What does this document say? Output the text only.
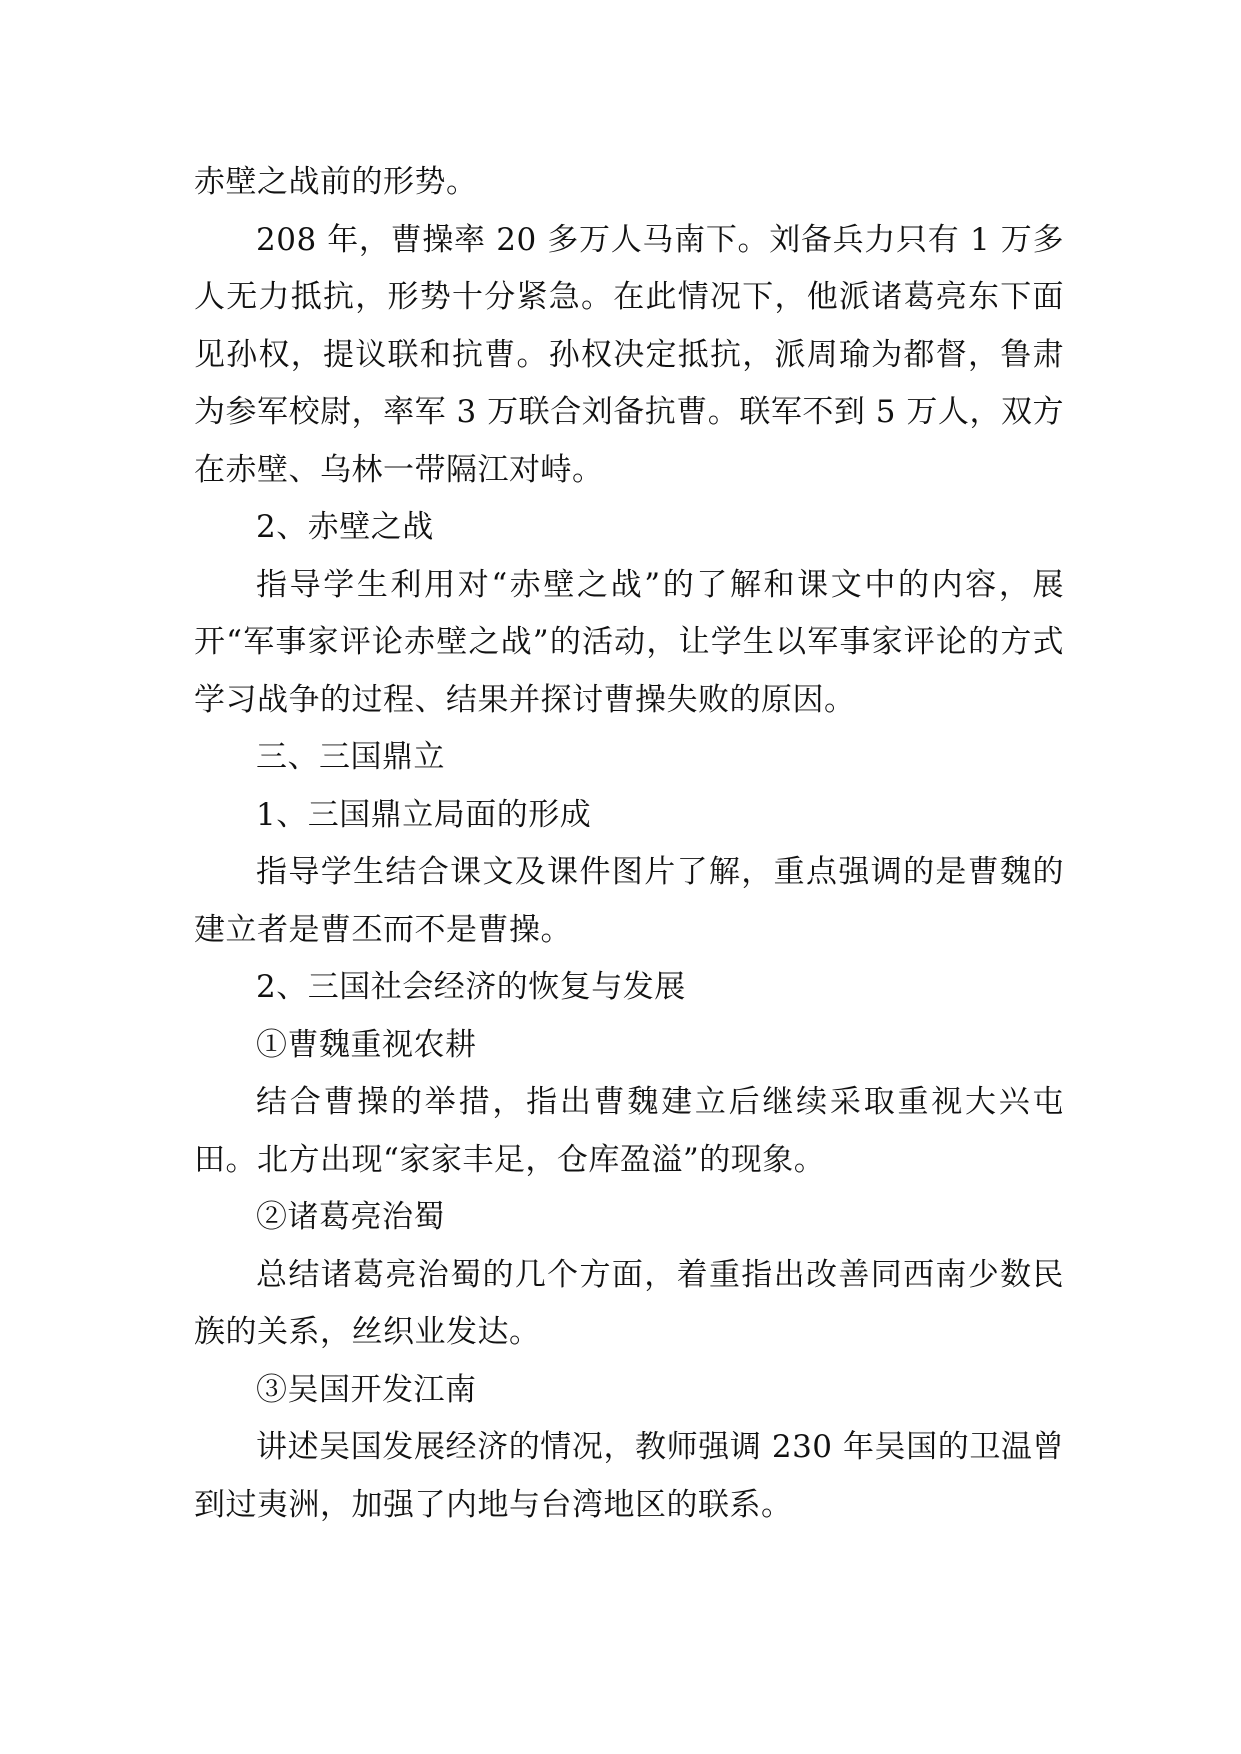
赤壁之战前的形势。

208 年，曹操率 20 多万人马南下。刘备兵力只有 1 万多人无力抵抗，形势十分紧急。在此情况下，他派诸葛亮东下面见孙权，提议联和抗曹。孙权决定抵抗，派周瑜为都督，鲁肃为参军校尉，率军 3 万联合刘备抗曹。联军不到 5 万人，双方在赤壁、乌林一带隔江对峙。

2、赤壁之战

指导学生利用对“赤壁之战”的了解和课文中的内容，展开“军事家评论赤壁之战”的活动，让学生以军事家评论的方式学习战争的过程、结果并探讨曹操失败的原因。

三、三国鼎立

1、三国鼎立局面的形成

指导学生结合课文及课件图片了解，重点强调的是曹魏的建立者是曹丕而不是曹操。

2、三国社会经济的恢复与发展

①曹魏重视农耕

结合曹操的举措，指出曹魏建立后继续采取重视大兴屯田。北方出现“家家丰足，仓库盈溢”的现象。

②诸葛亮治蜀

总结诸葛亮治蜀的几个方面，着重指出改善同西南少数民族的关系，丝织业发达。

③吴国开发江南

讲述吴国发展经济的情况，教师强调 230 年吴国的卫温曾到过夷洲，加强了内地与台湾地区的联系。
